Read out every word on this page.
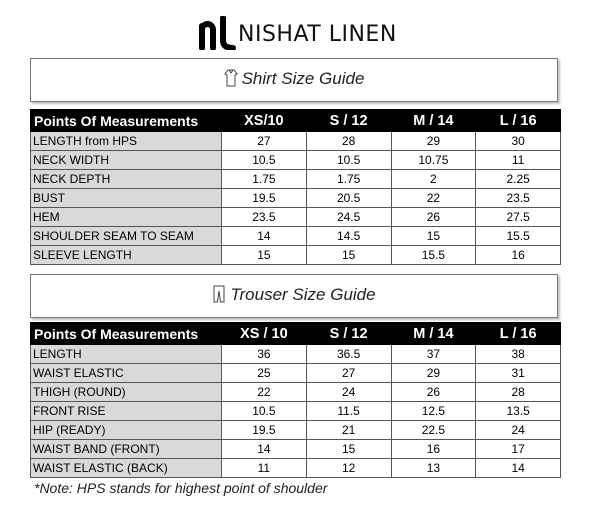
NISHAT LINEN
Shirt Size Guide
Points Of Measurements	XS/10	S / 12	M / 14	L / 16
LENGTH from HPS	27	28	29	30
NECK WIDTH	10.5	10.5	10.75	11
NECK DEPTH	1.75	1.75	2	2.25
BUST	19.5	20.5	22	23.5
HEM	23.5	24.5	26	27.5
SHOULDER SEAM TO SEAM	14	14.5	15	15.5
SLEEVE LENGTH	15	15	15.5	16
Trouser Size Guide
Points Of Measurements	XS / 10	S / 12	M / 14	L / 16
LENGTH	36	36.5	37	38
WAIST ELASTIC	25	27	29	31
THIGH (ROUND)	22	24	26	28
FRONT RISE	10.5	11.5	12.5	13.5
HIP (READY)	19.5	21	22.5	24
WAIST BAND (FRONT)	14	15	16	17
WAIST ELASTIC (BACK)	11	12	13	14
*Note: HPS stands for highest point of shoulder
